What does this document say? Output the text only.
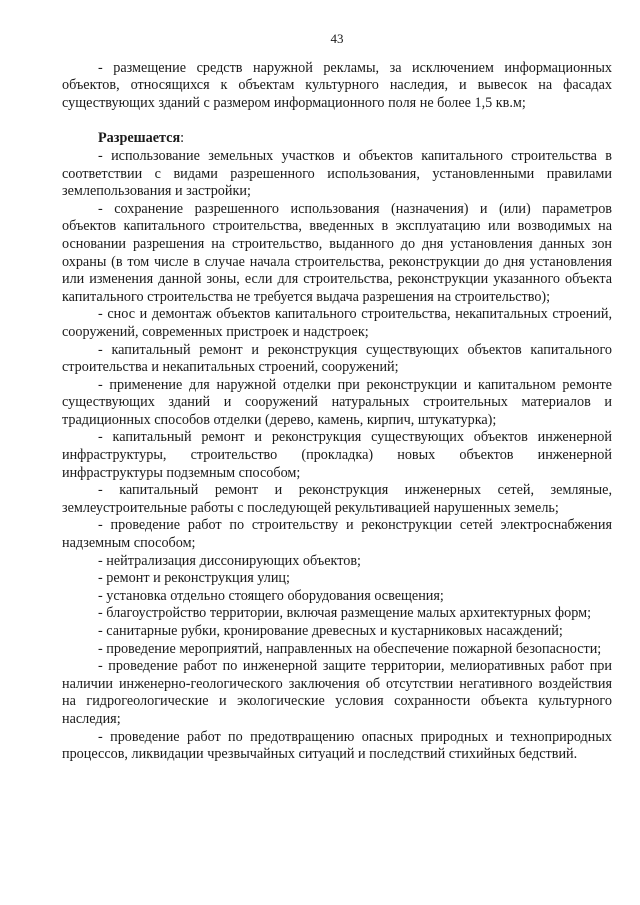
43

- размещение средств наружной рекламы, за исключением информационных объектов, относящихся к объектам культурного наследия, и вывесок на фасадах существующих зданий с размером информационного поля не более 1,5 кв.м;

Разрешается:

- использование земельных участков и объектов капитального строительства в соответствии с видами разрешенного использования, установленными правилами землепользования и застройки;

- сохранение разрешенного использования (назначения) и (или) параметров объектов капитального строительства, введенных в эксплуатацию или возводимых на основании разрешения на строительство, выданного до дня установления данных зон охраны (в том числе в случае начала строительства, реконструкции до дня установления или изменения данной зоны, если для строительства, реконструкции указанного объекта капитального строительства не требуется выдача разрешения на строительство);

- снос и демонтаж объектов капитального строительства, некапитальных строений, сооружений, современных пристроек и надстроек;

- капитальный ремонт и реконструкция существующих объектов капитального строительства и некапитальных строений, сооружений;

- применение для наружной отделки при реконструкции и капитальном ремонте существующих зданий и сооружений натуральных строительных материалов и традиционных способов отделки (дерево, камень, кирпич, штукатурка);

- капитальный ремонт и реконструкция существующих объектов инженерной инфраструктуры, строительство (прокладка) новых объектов инженерной инфраструктуры подземным способом;

- капитальный ремонт и реконструкция инженерных сетей, земляные, землеустроительные работы с последующей рекультивацией нарушенных земель;

- проведение работ по строительству и реконструкции сетей электроснабжения надземным способом;

- нейтрализация диссонирующих объектов;

- ремонт и реконструкция улиц;

- установка отдельно стоящего оборудования освещения;

- благоустройство территории, включая размещение малых архитектурных форм;

- санитарные рубки, кронирование древесных и кустарниковых насаждений;

- проведение мероприятий, направленных на обеспечение пожарной безопасности;

- проведение работ по инженерной защите территории, мелиоративных работ при наличии инженерно-геологического заключения об отсутствии негативного воздействия на гидрогеологические и экологические условия сохранности объекта культурного наследия;

- проведение работ по предотвращению опасных природных и техноприродных процессов, ликвидации чрезвычайных ситуаций и последствий стихийных бедствий.
